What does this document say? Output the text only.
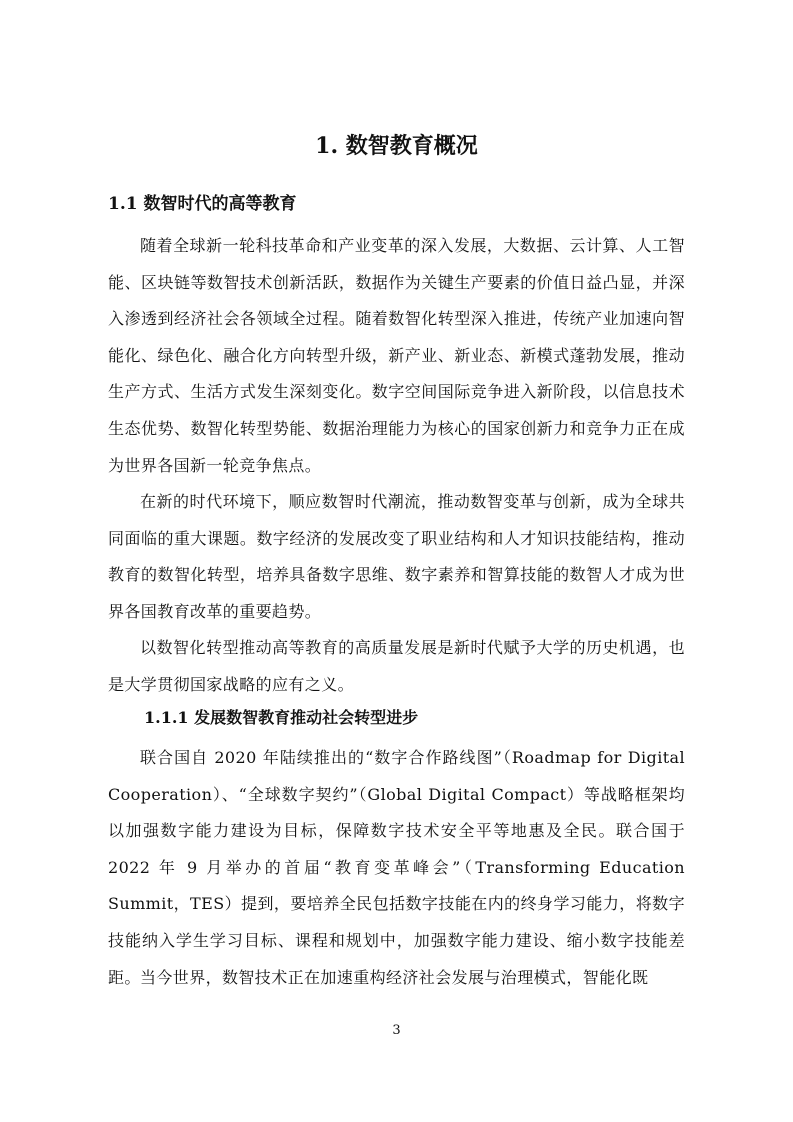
1. 数智教育概况
1.1 数智时代的高等教育

随着全球新一轮科技革命和产业变革的深入发展，大数据、云计算、人工智能、区块链等数智技术创新活跃，数据作为关键生产要素的价值日益凸显，并深入渗透到经济社会各领域全过程。随着数智化转型深入推进，传统产业加速向智能化、绿色化、融合化方向转型升级，新产业、新业态、新模式蓬勃发展，推动生产方式、生活方式发生深刻变化。数字空间国际竞争进入新阶段，以信息技术生态优势、数智化转型势能、数据治理能力为核心的国家创新力和竞争力正在成为世界各国新一轮竞争焦点。

在新的时代环境下，顺应数智时代潮流，推动数智变革与创新，成为全球共同面临的重大课题。数字经济的发展改变了职业结构和人才知识技能结构，推动教育的数智化转型，培养具备数字思维、数字素养和智算技能的数智人才成为世界各国教育改革的重要趋势。

以数智化转型推动高等教育的高质量发展是新时代赋予大学的历史机遇，也是大学贯彻国家战略的应有之义。

1.1.1 发展数智教育推动社会转型进步

联合国自 2020 年陆续推出的“数字合作路线图”（Roadmap for Digital Cooperation）、“全球数字契约”（Global Digital Compact）等战略框架均以加强数字能力建设为目标，保障数字技术安全平等地惠及全民。联合国于 2022 年 9 月举办的首届“教育变革峰会”（Transforming Education Summit，TES）提到，要培养全民包括数字技能在内的终身学习能力，将数字技能纳入学生学习目标、课程和规划中，加强数字能力建设、缩小数字技能差距。 当今世界，数智技术正在加速重构经济社会发展与治理模式，智能化既

3
